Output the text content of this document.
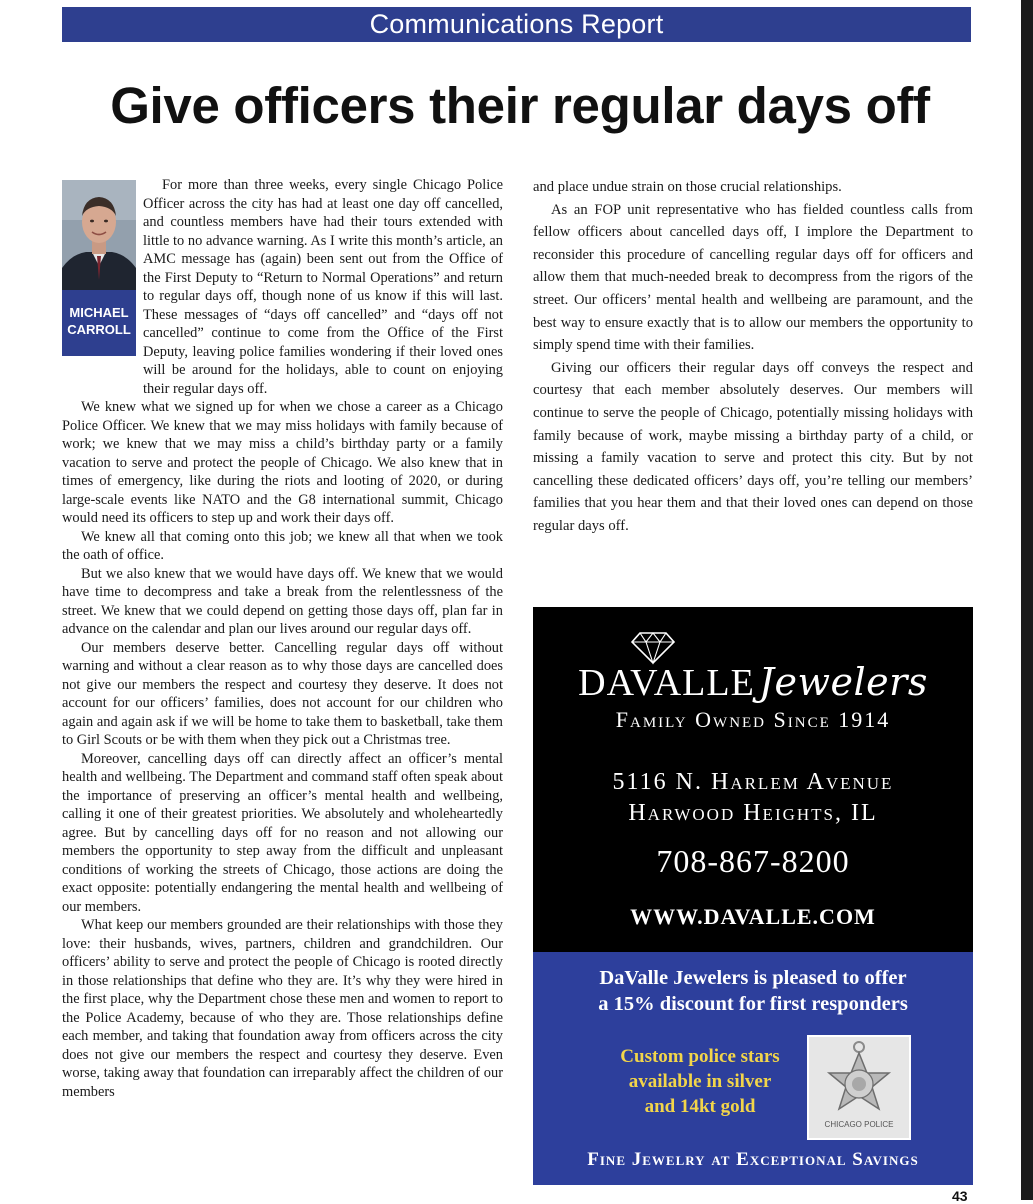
Communications Report
Give officers their regular days off
MICHAEL
CARROLL

For more than three weeks, every single Chicago Police Officer across the city has had at least one day off cancelled, and countless members have had their tours extended with little to no advance warning. As I write this month’s article, an AMC message has (again) been sent out from the Office of the First Deputy to “Return to Normal Operations” and return to regular days off, though none of us know if this will last. These messages of “days off cancelled” and “days off not cancelled” continue to come from the Office of the First Deputy, leaving police families wondering if their loved ones will be around for the holidays, able to count on enjoying their regular days off.

We knew what we signed up for when we chose a career as a Chicago Police Officer. We knew that we may miss holidays with family because of work; we knew that we may miss a child’s birthday party or a family vacation to serve and protect the people of Chicago. We also knew that in times of emergency, like during the riots and looting of 2020, or during large-scale events like NATO and the G8 international summit, Chicago would need its officers to step up and work their days off.

We knew all that coming onto this job; we knew all that when we took the oath of office.

But we also knew that we would have days off. We knew that we would have time to decompress and take a break from the relentlessness of the street. We knew that we could depend on getting those days off, plan far in advance on the calendar and plan our lives around our regular days off.

Our members deserve better. Cancelling regular days off without warning and without a clear reason as to why those days are cancelled does not give our members the respect and courtesy they deserve. It does not account for our officers’ families, does not account for our children who again and again ask if we will be home to take them to basketball, take them to Girl Scouts or be with them when they pick out a Christmas tree.

Moreover, cancelling days off can directly affect an officer’s mental health and wellbeing. The Department and command staff often speak about the importance of preserving an officer’s mental health and wellbeing, calling it one of their greatest priorities. We absolutely and wholeheartedly agree. But by cancelling days off for no reason and not allowing our members the opportunity to step away from the difficult and unpleasant conditions of working the streets of Chicago, those actions are doing the exact opposite: potentially endangering the mental health and wellbeing of our members.

What keep our members grounded are their relationships with those they love: their husbands, wives, partners, children and grandchildren. Our officers’ ability to serve and protect the people of Chicago is rooted directly in those relationships that define who they are. It’s why they were hired in the first place, why the Department chose these men and women to report to the Police Academy, because of who they are. Those relationships define each member, and taking that foundation away from officers across the city does not give our members the respect and courtesy they deserve. Even worse, taking away that foundation can irreparably affect the children of our members

and place undue strain on those crucial relationships.

As an FOP unit representative who has fielded countless calls from fellow officers about cancelled days off, I implore the Department to reconsider this procedure of cancelling regular days off for officers and allow them that much-needed break to decompress from the rigors of the street. Our officers’ mental health and wellbeing are paramount, and the best way to ensure exactly that is to allow our members the opportunity to simply spend time with their families.

Giving our officers their regular days off conveys the respect and courtesy that each member absolutely deserves. Our members will continue to serve the people of Chicago, potentially missing holidays with family because of work, maybe missing a birthday party of a child, or missing a family vacation to serve and protect this city. But by not cancelling these dedicated officers’ days off, you’re telling our members’ families that you hear them and that their loved ones can depend on those regular days off.

DAVALLE Jewelers
Family Owned Since 1914
5116 N. Harlem Avenue
Harwood Heights, IL
708-867-8200
WWW.DAVALLE.COM
DaValle Jewelers is pleased to offer
a 15% discount for first responders
Custom police stars
available in silver
and 14kt gold
CHICAGO POLICE
Fine Jewelry at Exceptional Savings
43
